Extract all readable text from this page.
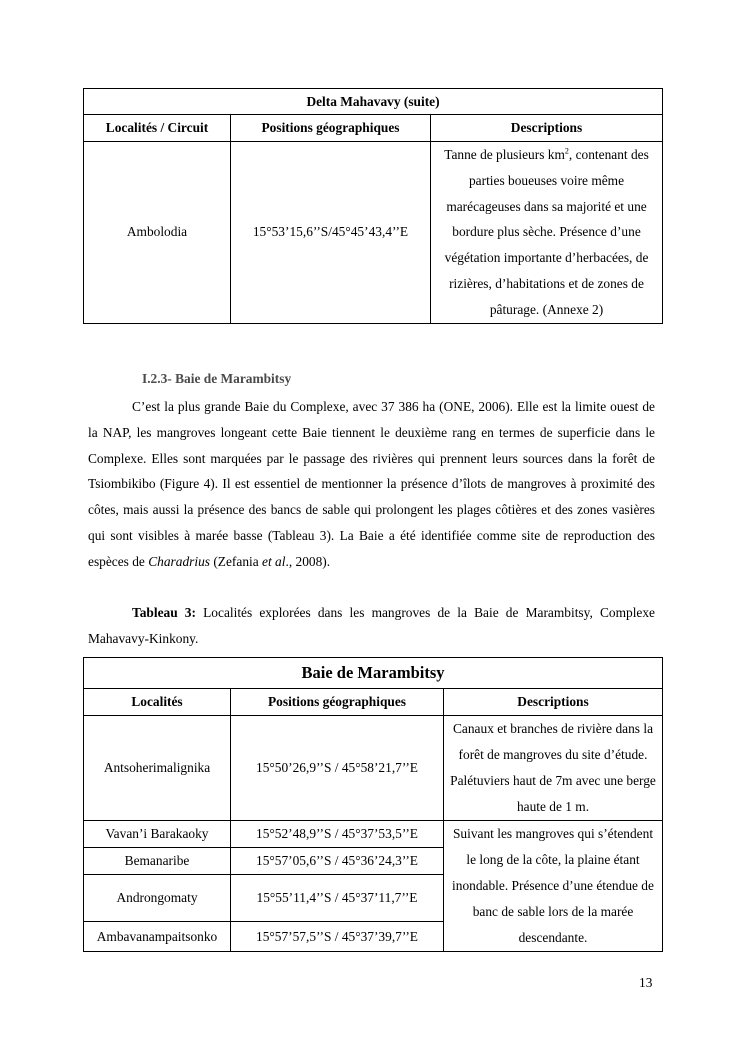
Delta Mahavavy (suite)		
Localités / Circuit	Positions géographiques	Descriptions
Ambolodia	15°53’15,6’’S/45°45’43,4’’E	Tanne de plusieurs $km^2$, contenant des parties boueuses voire même marécageuses dans sa majorité et une bordure plus sèche. Présence d’une végétation importante d’herbacées, de rizières, d’habitations et de zones de pâturage. (Annexe 2)
I.2.3- Baie de Marambitsy
C’est la plus grande Baie du Complexe, avec 37 386 ha (ONE, 2006). Elle est la limite ouest de la NAP, les mangroves longeant cette Baie tiennent le deuxième rang en termes de superficie dans le Complexe. Elles sont marquées par le passage des rivières qui prennent leurs sources dans la forêt de Tsiombikibo (Figure 4). Il est essentiel de mentionner la présence d’îlots de mangroves à proximité des côtes, mais aussi la présence des bancs de sable qui prolongent les plages côtières et des zones vasières qui sont visibles à marée basse (Tableau 3). La Baie a été identifiée comme site de reproduction des espèces de Charadrius (Zefania et al., 2008).
Tableau 3: Localités explorées dans les mangroves de la Baie de Marambitsy, Complexe Mahavavy-Kinkony.
Baie de Marambitsy		
Localités	Positions géographiques	Descriptions
Antsoherimalignika	15°50’26,9’’S / 45°58’21,7’’E	Canaux et branches de rivière dans la forêt de mangroves du site d’étude. Palétuviers haut de 7m avec une berge haute de 1 m.
Vavan’i Barakaoky	15°52’48,9’’S / 45°37’53,5’’E	Suivant les mangroves qui s’étendent le long de la côte, la plaine étant inondable. Présence d’une étendue de banc de sable lors de la marée descendante.
Bemanaribe	15°57’05,6’’S / 45°36’24,3’’E	
Androngomaty	15°55’11,4’’S / 45°37’11,7’’E	
Ambavanampaitsonko	15°57’57,5’’S / 45°37’39,7’’E	
13
